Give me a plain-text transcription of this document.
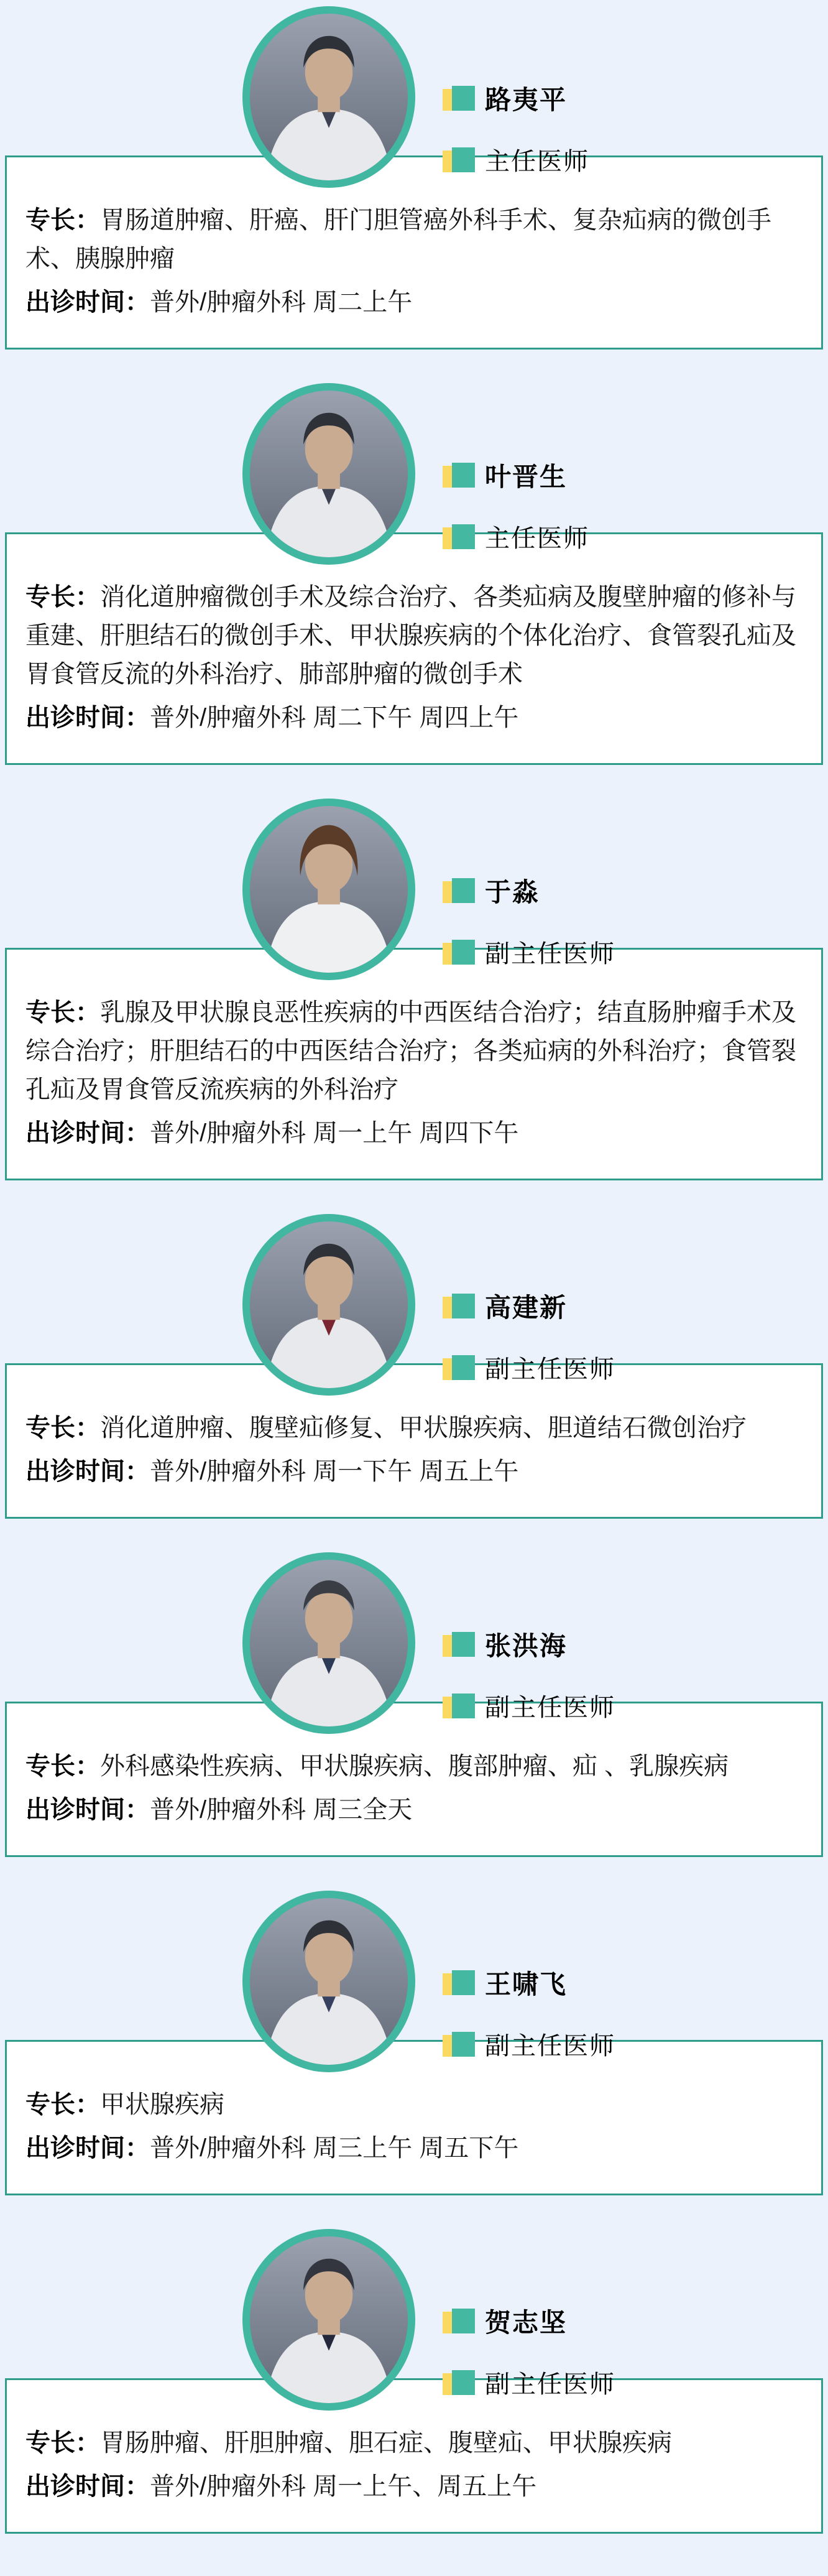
路夷平
主任医师

专长：胃肠道肿瘤、肝癌、肝门胆管癌外科手术、复杂疝病的微创手术、胰腺肿瘤

出诊时间：普外/肿瘤外科 周二上午

叶晋生
主任医师

专长：消化道肿瘤微创手术及综合治疗、各类疝病及腹壁肿瘤的修补与重建、肝胆结石的微创手术、甲状腺疾病的个体化治疗、食管裂孔疝及胃食管反流的外科治疗、肺部肿瘤的微创手术

出诊时间：普外/肿瘤外科 周二下午 周四上午

于淼
副主任医师

专长：乳腺及甲状腺良恶性疾病的中西医结合治疗；结直肠肿瘤手术及综合治疗；肝胆结石的中西医结合治疗；各类疝病的外科治疗；食管裂孔疝及胃食管反流疾病的外科治疗

出诊时间：普外/肿瘤外科 周一上午 周四下午

高建新
副主任医师

专长：消化道肿瘤、腹壁疝修复、甲状腺疾病、胆道结石微创治疗

出诊时间：普外/肿瘤外科 周一下午 周五上午

张洪海
副主任医师

专长：外科感染性疾病、甲状腺疾病、腹部肿瘤、疝 、乳腺疾病

出诊时间：普外/肿瘤外科 周三全天

王啸飞
副主任医师

专长：甲状腺疾病

出诊时间：普外/肿瘤外科 周三上午 周五下午

贺志坚
副主任医师

专长：胃肠肿瘤、肝胆肿瘤、胆石症、腹壁疝、甲状腺疾病

出诊时间：普外/肿瘤外科 周一上午、周五上午
